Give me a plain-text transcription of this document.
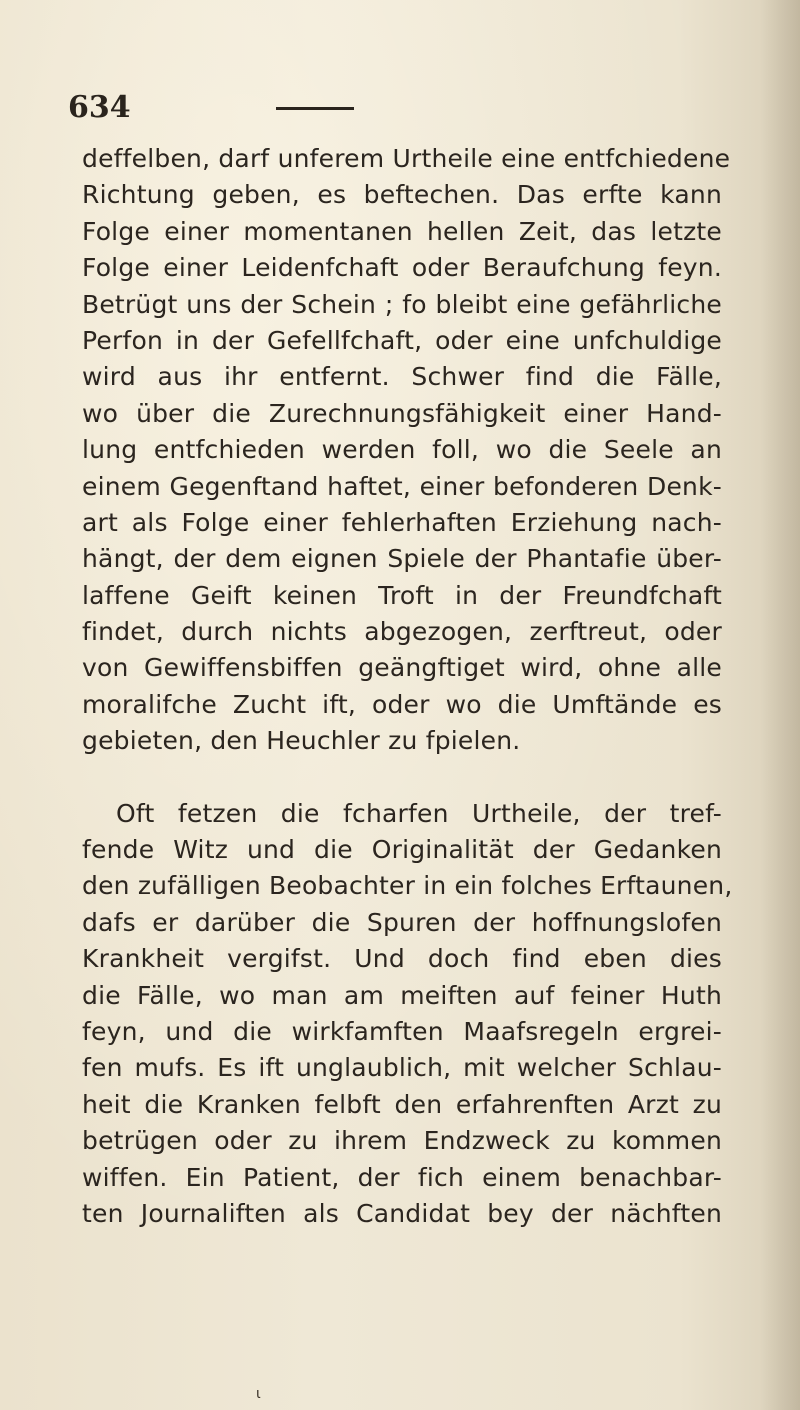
634
deffelben, darf unferem Urtheile eine entfchiedene
Richtung geben, es beftechen. Das erfte kann
Folge einer momentanen hellen Zeit, das letzte
Folge einer Leidenfchaft oder Beraufchung feyn.
Betrügt uns der Schein ; fo bleibt eine gefährliche
Perfon in der Gefellfchaft, oder eine unfchuldige
wird aus ihr entfernt. Schwer find die Fälle,
wo über die Zurechnungsfähigkeit einer Hand-
lung entfchieden werden foll, wo die Seele an
einem Gegenftand haftet, einer befonderen Denk-
art als Folge einer fehlerhaften Erziehung nach-
hängt, der dem eignen Spiele der Phantafie über-
laffene Geift keinen Troft in der Freundfchaft
findet, durch nichts abgezogen, zerftreut, oder
von Gewiffensbiffen geängftiget wird, ohne alle
moralifche Zucht ift, oder wo die Umftände es
gebieten, den Heuchler zu fpielen.
Oft fetzen die fcharfen Urtheile, der tref-
fende Witz und die Originalität der Gedanken
den zufälligen Beobachter in ein folches Erftaunen,
dafs er darüber die Spuren der hoffnungslofen
Krankheit vergifst. Und doch find eben dies
die Fälle, wo man am meiften auf feiner Huth
feyn, und die wirkfamften Maafsregeln ergrei-
fen mufs. Es ift unglaublich, mit welcher Schlau-
heit die Kranken felbft den erfahrenften Arzt zu
betrügen oder zu ihrem Endzweck zu kommen
wiffen. Ein Patient, der fich einem benachbar-
ten Journaliften als Candidat bey der nächften
ι
